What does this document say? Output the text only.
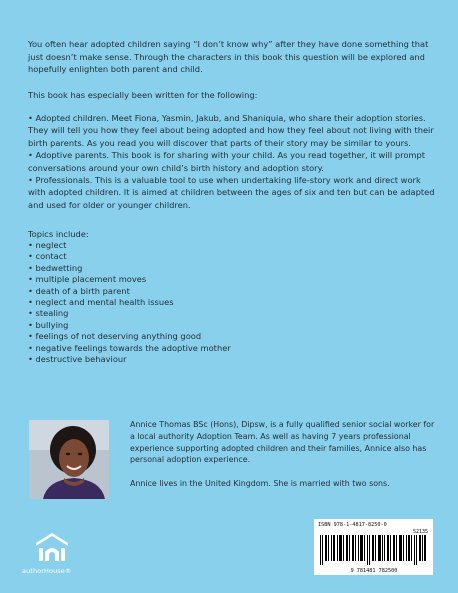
You often hear adopted children saying “I don’t know why” after they have done something that just doesn’t make sense. Through the characters in this book this question will be explored and hopefully enlighten both parent and child.

This book has especially been written for the following:

• Adopted children. Meet Fiona, Yasmin, Jakub, and Shaniquia, who share their adoption stories. They will tell you how they feel about being adopted and how they feel about not living with their birth parents. As you read you will discover that parts of their story may be similar to yours.
• Adoptive parents. This book is for sharing with your child. As you read together, it will prompt conversations around your own child’s birth history and adoption story.
• Professionals. This is a valuable tool to use when undertaking life-story work and direct work with adopted children. It is aimed at children between the ages of six and ten but can be adapted and used for older or younger children.

Topics include:

• neglect
• contact
• bedwetting
• multiple placement moves
• death of a birth parent
• neglect and mental health issues
• stealing
• bullying
• feelings of not deserving anything good
• negative feelings towards the adoptive mother
• destructive behaviour

Annice Thomas BSc (Hons), Dipsw, is a fully qualified senior social worker for a local authority Adoption Team. As well as having 7 years professional experience supporting adopted children and their families, Annice also has personal adoption experience.

Annice lives in the United Kingdom. She is married with two sons.

authorHouse®
ISBN 978-1-4817-8250-0
52135
9 781481 782500
